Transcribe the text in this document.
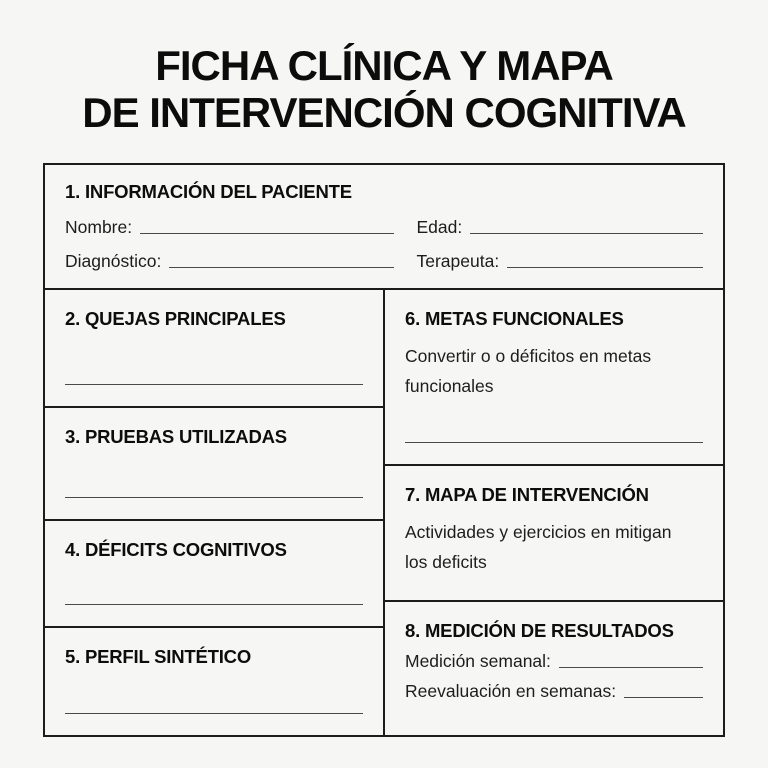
FICHA CLÍNICA Y MAPA
DE INTERVENCIÓN COGNITIVA
1. INFORMACIÓN DEL PACIENTE
Nombre:	Edad:
Diagnóstico:	Terapeuta:
2. QUEJAS PRINCIPALES
3. PRUEBAS UTILIZADAS
4. DÉFICITS COGNITIVOS
5. PERFIL SINTÉTICO
6. METAS FUNCIONALES

Convertir o o déficitos en metas funcionales

7. MAPA DE INTERVENCIÓN

Actividades y ejercicios en mitigan los deficits

8. MEDICIÓN DE RESULTADOS
Medición semanal:
Reevaluación en semanas:
